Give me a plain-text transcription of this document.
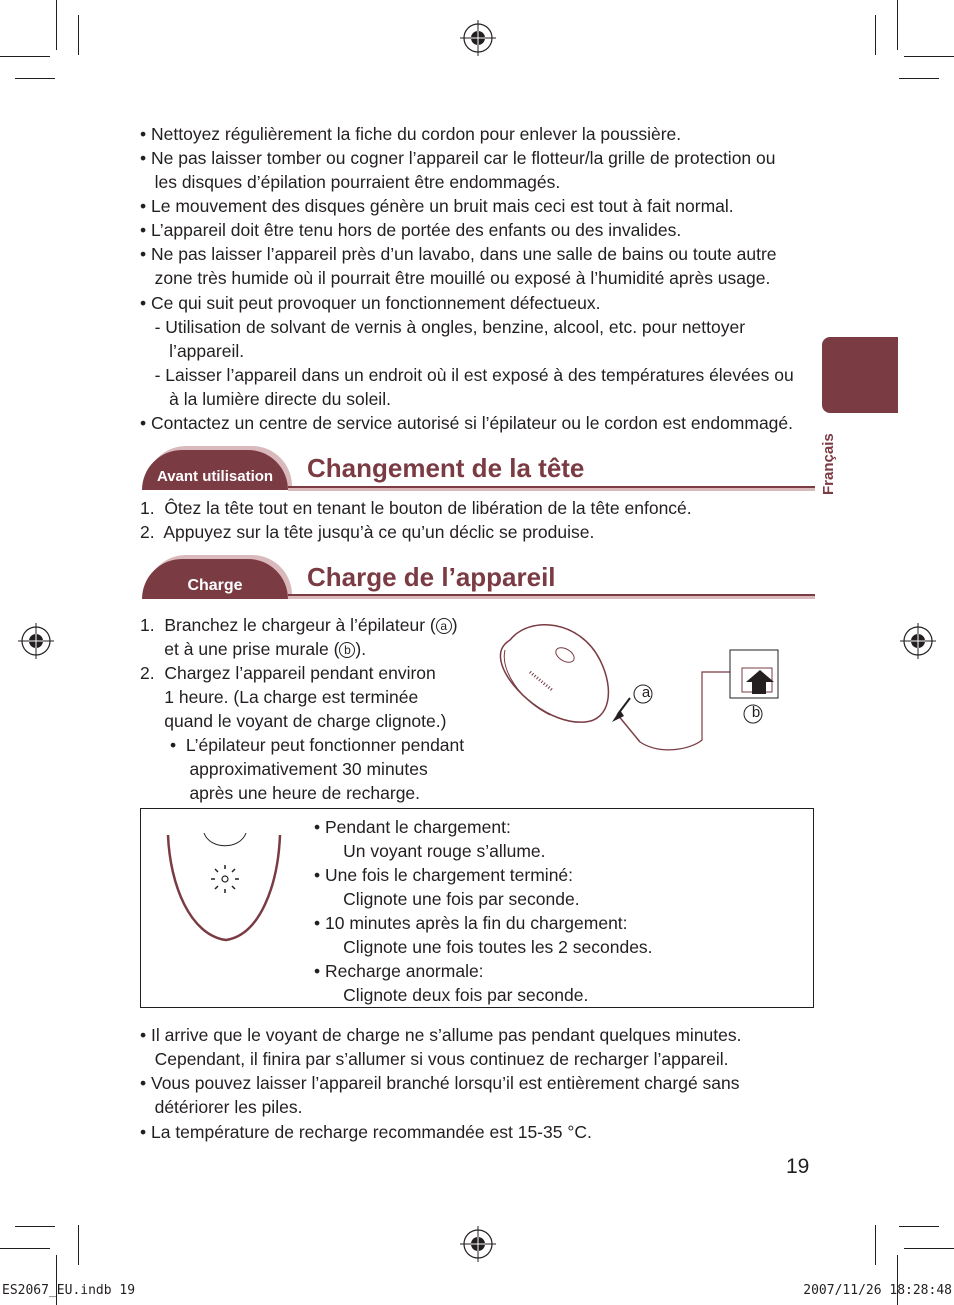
• Nettoyez régulièrement la fiche du cordon pour enlever la poussière.
• Ne pas laisser tomber ou cogner l’appareil car le flotteur/la grille de protection ou
les disques d’épilation pourraient être endommagés.
• Le mouvement des disques génère un bruit mais ceci est tout à fait normal.
• L’appareil doit être tenu hors de portée des enfants ou des invalides.
• Ne pas laisser l’appareil près d’un lavabo, dans une salle de bains ou toute autre
zone très humide où il pourrait être mouillé ou exposé à l’humidité après usage.
• Ce qui suit peut provoquer un fonctionnement défectueux.
- Utilisation de solvant de vernis à ongles, benzine, alcool, etc. pour nettoyer
l’appareil.
- Laisser l’appareil dans un endroit où il est exposé à des températures élevées ou
à la lumière directe du soleil.
• Contactez un centre de service autorisé si l’épilateur ou le cordon est endommagé.
Français
Avant utilisation	Changement de la tête
1.  Ôtez la tête tout en tenant le bouton de libération de la tête enfoncé.
2.  Appuyez sur la tête jusqu’à ce qu’un déclic se produise.
Charge	Charge de l’appareil
1.  Branchez le chargeur à l’épilateur ( a )
et à une prise murale ( b ).
2.  Chargez l’appareil pendant environ
1 heure. (La charge est terminée
quand le voyant de charge clignote.)
•  L’épilateur peut fonctionner pendant
approximativement 30 minutes
après une heure de recharge.
a
b
• Pendant le chargement:
Un voyant rouge s’allume.
• Une fois le chargement terminé:
Clignote une fois par seconde.
• 10 minutes après la fin du chargement:
Clignote une fois toutes les 2 secondes.
• Recharge anormale:
Clignote deux fois par seconde.
• Il arrive que le voyant de charge ne s’allume pas pendant quelques minutes.
Cependant, il finira par s’allumer si vous continuez de recharger l’appareil.
• Vous pouvez laisser l’appareil branché lorsqu’il est entièrement chargé sans
détériorer les piles.
• La température de recharge recommandée est 15-35 °C.
19
ES2067_EU.indb 19	2007/11/26 18:28:48
